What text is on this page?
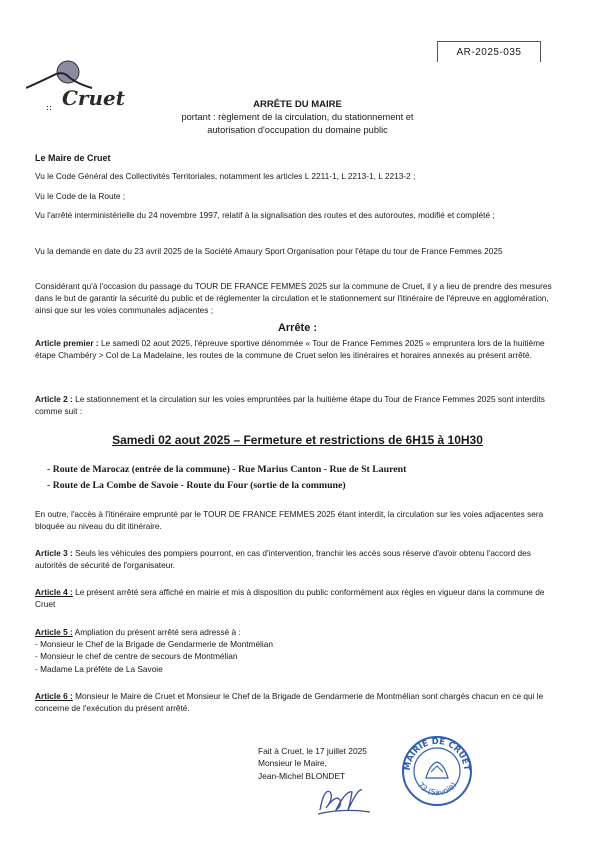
AR-2025-035
:: Cruet	ARRÊTE DU MAIRE
portant : règlement de la circulation, du stationnement et
autorisation d'occupation du domaine public
Le Maire de Cruet
Vu le Code Général des Collectivités Territoriales, notamment les articles L 2211-1, L 2213-1, L 2213-2 ;
Vu le Code de la Route ;
Vu l'arrêté interministérielle du 24 novembre 1997, relatif à la signalisation des routes et des autoroutes, modifié et complété ;
Vu la demande en date du 23 avril 2025 de la Société Amaury Sport Organisation pour l'étape du tour de France Femmes 2025
Considérant qu'à l'occasion du passage du TOUR DE FRANCE FEMMES 2025 sur la commune de Cruet, il y a lieu de prendre des mesures dans le but de garantir la sécurité du public et de réglementer la circulation et le stationnement sur l'itinéraire de l'épreuve en agglomération, ainsi que sur les voies communales adjacentes ;
Arrête :
Article premier : Le samedi 02 aout 2025, l'épreuve sportive dénommée « Tour de France Femmes 2025 » empruntera lors de la huitième étape Chambéry > Col de La Madelaine, les routes de la commune de Cruet selon les itinéraires et horaires annexés au présent arrêté.
Article 2 : Le stationnement et la circulation sur les voies empruntées par la huitième étape du Tour de France Femmes 2025 sont interdits comme suit :
Samedi 02 aout 2025 – Fermeture et restrictions de 6H15 à 10H30
- Route de Marocaz (entrée de la commune) - Rue Marius Canton - Rue de St Laurent
- Route de La Combe de Savoie - Route du Four (sortie de la commune)
En outre, l'accès à l'itinéraire emprunté par le TOUR DE FRANCE FEMMES 2025 étant interdit, la circulation sur les voies adjacentes sera bloquée au niveau du dit itinéraire.
Article 3 : Seuls les véhicules des pompiers pourront, en cas d'intervention, franchir les accès sous réserve d'avoir obtenu l'accord des autorités de sécurité de l'organisateur.
Article 4 : Le présent arrêté sera affiché en mairie et mis à disposition du public conformément aux règles en vigueur dans la commune de Cruet
Article 5 : Ampliation du présent arrêté sera adressé à :
- Monsieur le Chef de la Brigade de Gendarmerie de Montmélian
- Monsieur le chef de centre de secours de Montmélian
- Madame La préfète de La Savoie
Article 6 : Monsieur le Maire de Cruet et Monsieur le Chef de la Brigade de Gendarmerie de Montmélian sont chargés chacun en ce qui le concerne de l'exécution du présent arrêté.
Fait à Cruet, le 17 juillet 2025
Monsieur le Maire,
Jean-Michel BLONDET
MAIRIE DE CRUET
73 (Savoie)
